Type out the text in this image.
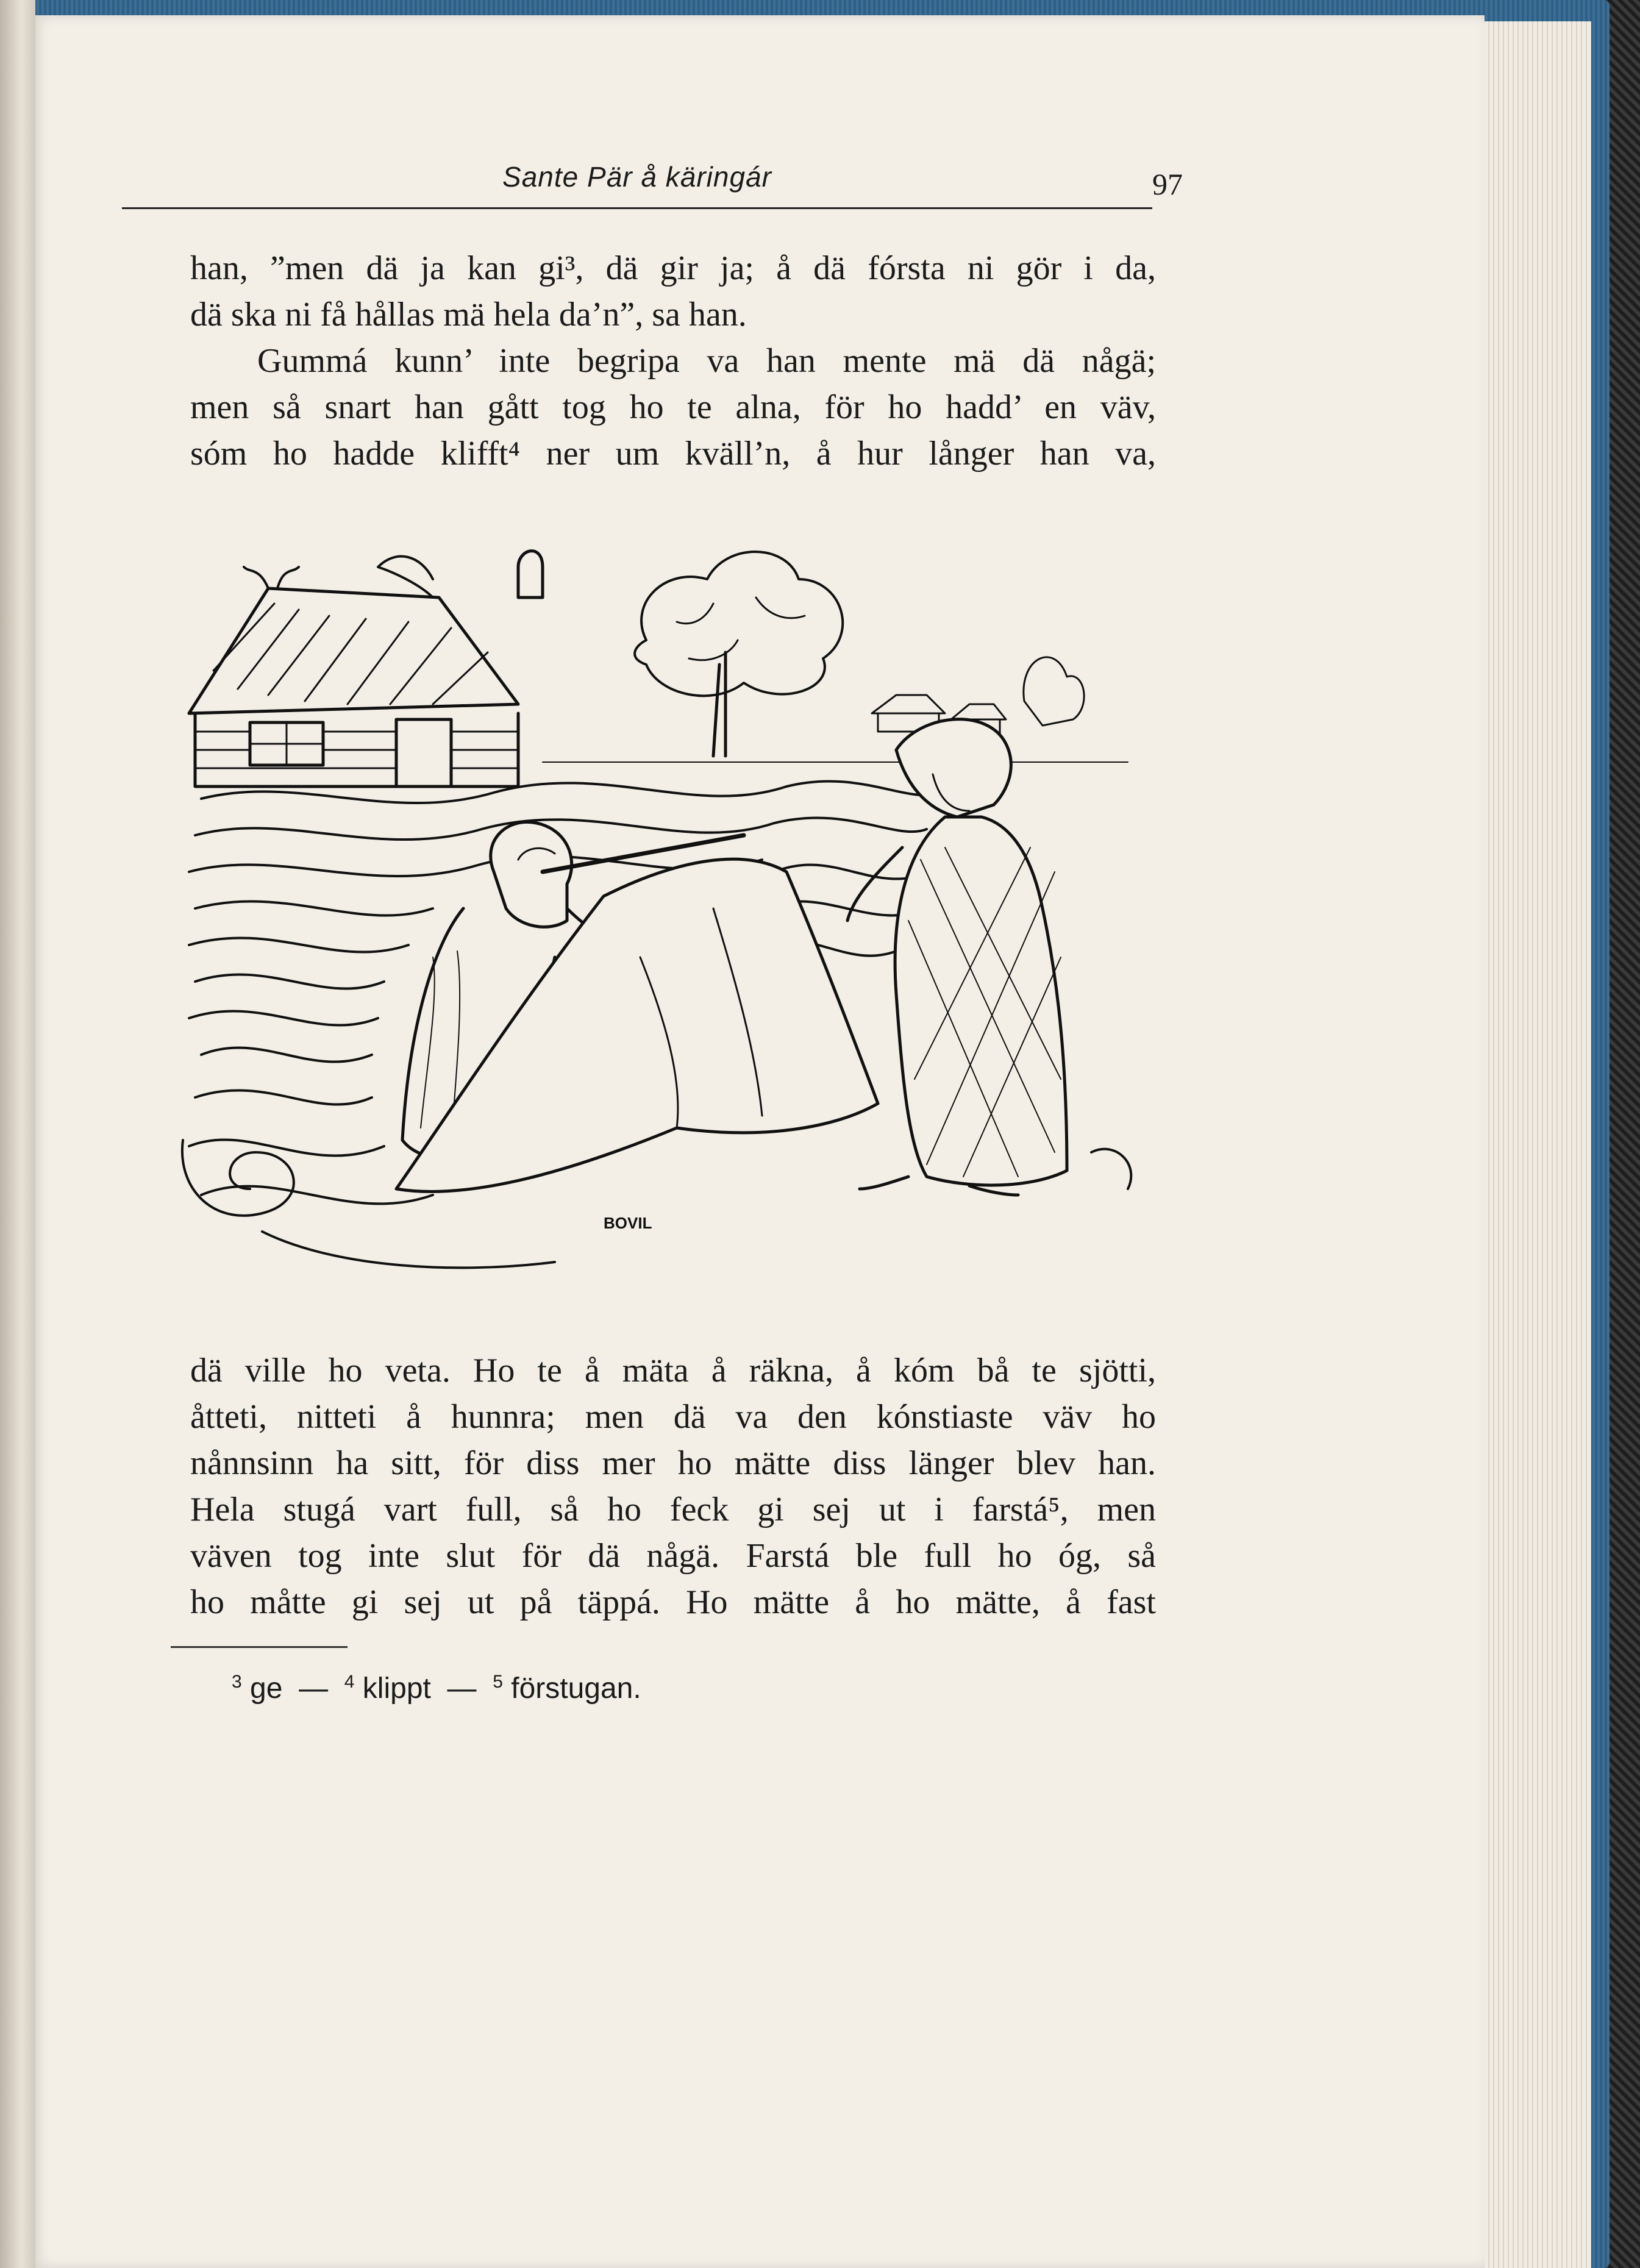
Sante Pär å käringár	97
han, ”men dä ja kan gi³, dä gir ja; å dä fórsta ni gör i da,
dä ska ni få hållas mä hela da’n”, sa han.
Gummá kunn’ inte begripa va han mente mä dä någä;
men så snart han gått tog ho te alna, för ho hadd’ en väv,
sóm ho hadde klifft⁴ ner um kväll’n, å hur långer han va,
BOVIL
dä ville ho veta. Ho te å mäta å räkna, å kóm bå te sjötti,
åtteti, nitteti å hunnra; men dä va den kónstiaste väv ho
nånnsinn ha sitt, för diss mer ho mätte diss länger blev han.
Hela stugá vart full, så ho feck gi sej ut i farstá⁵, men
väven tog inte slut för dä någä. Farstá ble full ho óg, så
ho måtte gi sej ut på täppá. Ho mätte å ho mätte, å fast
$^3$ ge  —  $^4$ klippt  —  $^5$ förstugan.
